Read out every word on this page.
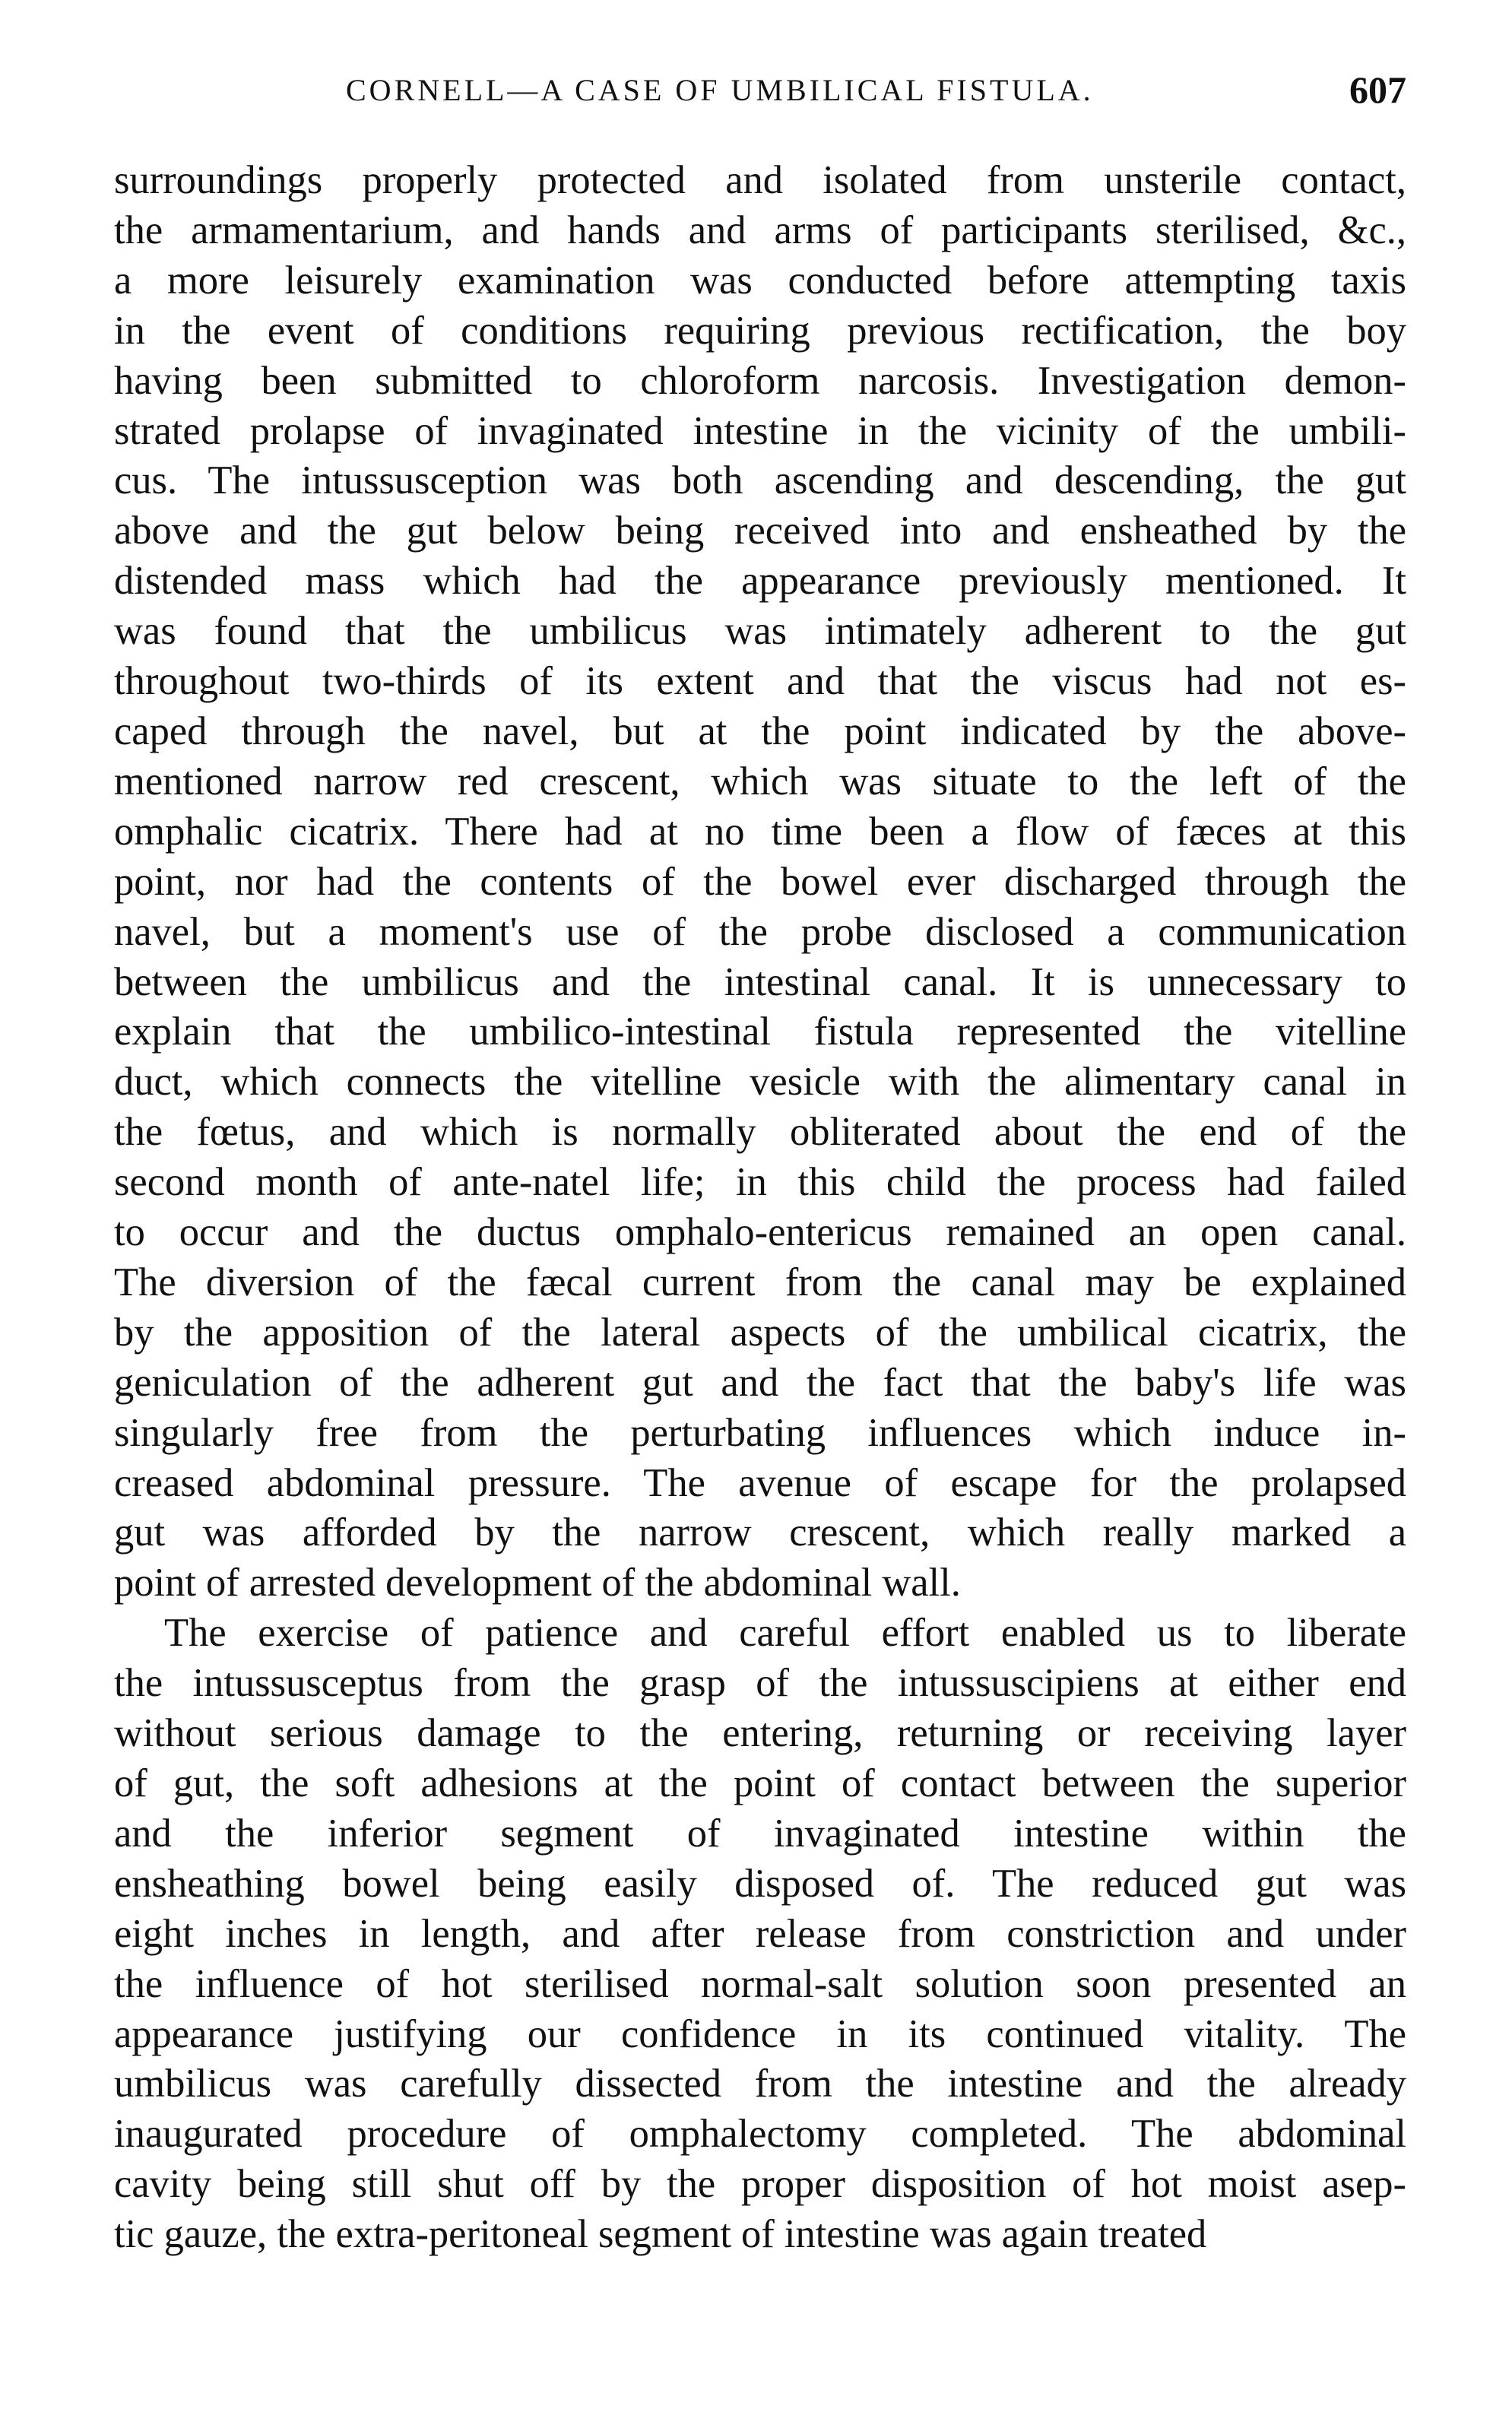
CORNELL—A CASE OF UMBILICAL FISTULA.	607
surroundings properly protected and isolated from unsterile contact,
the armamentarium, and hands and arms of participants sterilised, &c.,
a more leisurely examination was conducted before attempting taxis
in the event of conditions requiring previous rectification, the boy
having been submitted to chloroform narcosis. Investigation demon-
strated prolapse of invaginated intestine in the vicinity of the umbili-
cus. The intussusception was both ascending and descending, the gut
above and the gut below being received into and ensheathed by the
distended mass which had the appearance previously mentioned. It
was found that the umbilicus was intimately adherent to the gut
throughout two-thirds of its extent and that the viscus had not es-
caped through the navel, but at the point indicated by the above-
mentioned narrow red crescent, which was situate to the left of the
omphalic cicatrix. There had at no time been a flow of fæces at this
point, nor had the contents of the bowel ever discharged through the
navel, but a moment's use of the probe disclosed a communication
between the umbilicus and the intestinal canal. It is unnecessary to
explain that the umbilico-intestinal fistula represented the vitelline
duct, which connects the vitelline vesicle with the alimentary canal in
the fœtus, and which is normally obliterated about the end of the
second month of ante-natel life; in this child the process had failed
to occur and the ductus omphalo-entericus remained an open canal.
The diversion of the fæcal current from the canal may be explained
by the apposition of the lateral aspects of the umbilical cicatrix, the
geniculation of the adherent gut and the fact that the baby's life was
singularly free from the perturbating influences which induce in-
creased abdominal pressure. The avenue of escape for the prolapsed
gut was afforded by the narrow crescent, which really marked a
point of arrested development of the abdominal wall.
The exercise of patience and careful effort enabled us to liberate
the intussusceptus from the grasp of the intussuscipiens at either end
without serious damage to the entering, returning or receiving layer
of gut, the soft adhesions at the point of contact between the superior
and the inferior segment of invaginated intestine within the
ensheathing bowel being easily disposed of. The reduced gut was
eight inches in length, and after release from constriction and under
the influence of hot sterilised normal-salt solution soon presented an
appearance justifying our confidence in its continued vitality. The
umbilicus was carefully dissected from the intestine and the already
inaugurated procedure of omphalectomy completed. The abdominal
cavity being still shut off by the proper disposition of hot moist asep-
tic gauze, the extra-peritoneal segment of intestine was again treated
